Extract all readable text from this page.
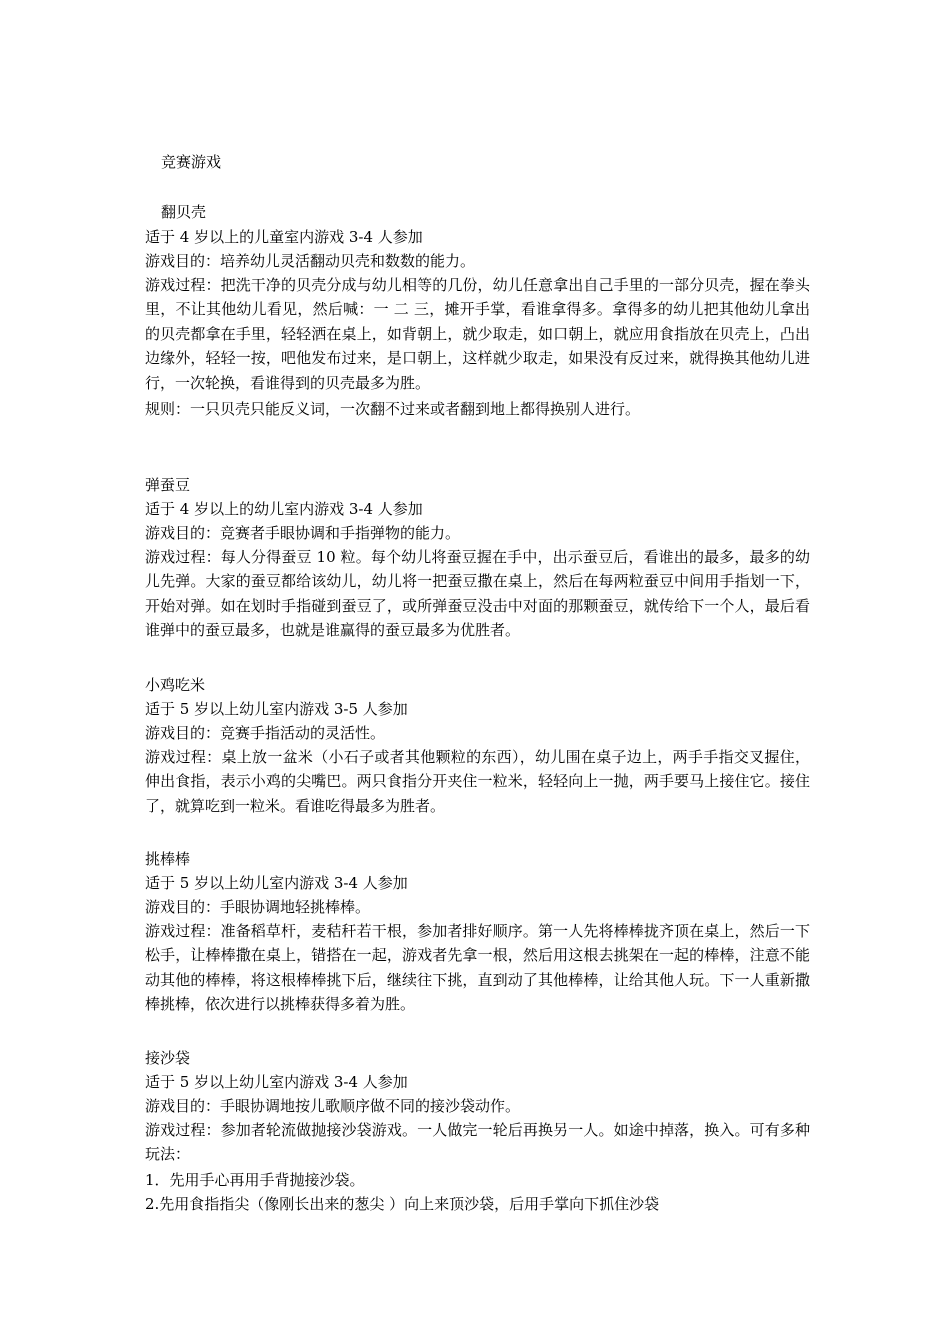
竞赛游戏
翻贝壳
适于 4 岁以上的儿童室内游戏 3-4 人参加
游戏目的：培养幼儿灵活翻动贝壳和数数的能力。
游戏过程：把洗干净的贝壳分成与幼儿相等的几份，幼儿任意拿出自己手里的一部分贝壳，握在拳头里，不让其他幼儿看见，然后喊：一 二 三，摊开手掌，看谁拿得多。拿得多的幼儿把其他幼儿拿出的贝壳都拿在手里，轻轻洒在桌上，如背朝上，就少取走，如口朝上，就应用食指放在贝壳上，凸出边缘外，轻轻一按，吧他发布过来，是口朝上，这样就少取走，如果没有反过来，就得换其他幼儿进行，一次轮换，看谁得到的贝壳最多为胜。
规则：一只贝壳只能反义词，一次翻不过来或者翻到地上都得换别人进行。
弹蚕豆
适于 4 岁以上的幼儿室内游戏 3-4 人参加
游戏目的：竞赛者手眼协调和手指弹物的能力。
游戏过程：每人分得蚕豆 10 粒。每个幼儿将蚕豆握在手中，出示蚕豆后，看谁出的最多，最多的幼儿先弹。大家的蚕豆都给该幼儿，幼儿将一把蚕豆撒在桌上，然后在每两粒蚕豆中间用手指划一下，开始对弹。如在划时手指碰到蚕豆了，或所弹蚕豆没击中对面的那颗蚕豆，就传给下一个人，最后看谁弹中的蚕豆最多，也就是谁赢得的蚕豆最多为优胜者。
小鸡吃米
适于 5 岁以上幼儿室内游戏 3-5 人参加
游戏目的：竞赛手指活动的灵活性。
游戏过程：桌上放一盆米（小石子或者其他颗粒的东西），幼儿围在桌子边上，两手手指交叉握住，伸出食指，表示小鸡的尖嘴巴。两只食指分开夹住一粒米，轻轻向上一抛，两手要马上接住它。接住了，就算吃到一粒米。看谁吃得最多为胜者。
挑棒棒
适于 5 岁以上幼儿室内游戏 3-4 人参加
游戏目的：手眼协调地轻挑棒棒。
游戏过程：准备稻草杆，麦秸秆若干根，参加者排好顺序。第一人先将棒棒拢齐顶在桌上，然后一下松手，让棒棒撒在桌上，错搭在一起，游戏者先拿一根，然后用这根去挑架在一起的棒棒，注意不能动其他的棒棒，将这根棒棒挑下后，继续往下挑，直到动了其他棒棒，让给其他人玩。下一人重新撒棒挑棒，依次进行以挑棒获得多着为胜。
接沙袋
适于 5 岁以上幼儿室内游戏 3-4 人参加
游戏目的：手眼协调地按儿歌顺序做不同的接沙袋动作。
游戏过程：参加者轮流做抛接沙袋游戏。一人做完一轮后再换另一人。如途中掉落，换入。可有多种玩法：
1．先用手心再用手背抛接沙袋。
2.先用食指指尖（像刚长出来的葱尖 ）向上来顶沙袋，后用手掌向下抓住沙袋
